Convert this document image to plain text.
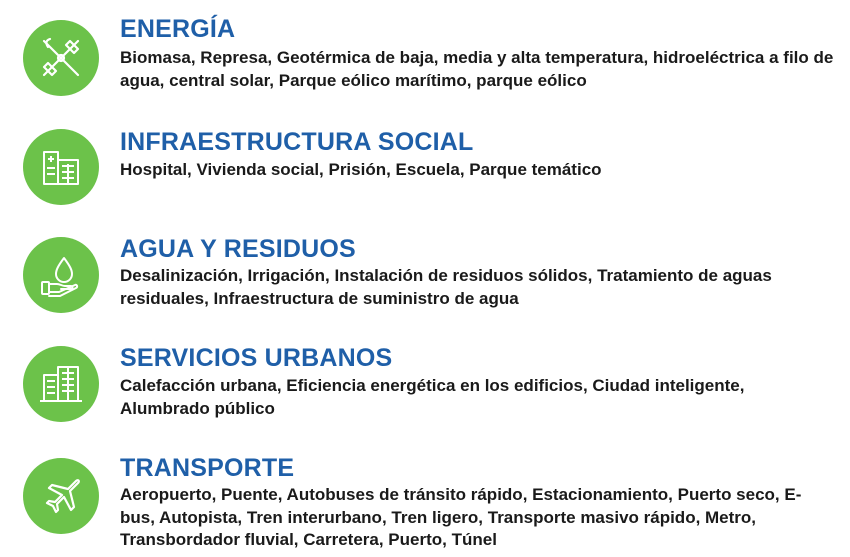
ENERGÍA
Biomasa, Represa, Geotérmica de baja, media y alta temperatura, hidroeléctrica a filo de agua, central solar, Parque eólico marítimo, parque eólico
INFRAESTRUCTURA SOCIAL
Hospital, Vivienda social, Prisión, Escuela, Parque temático
AGUA Y RESIDUOS
Desalinización, Irrigación, Instalación de residuos sólidos, Tratamiento de aguas residuales, Infraestructura de suministro de agua
SERVICIOS URBANOS
Calefacción urbana, Eficiencia energética en los edificios, Ciudad inteligente, Alumbrado público
TRANSPORTE
Aeropuerto, Puente, Autobuses de tránsito rápido, Estacionamiento, Puerto seco, E-bus, Autopista, Tren interurbano, Tren ligero, Transporte masivo rápido, Metro, Transbordador fluvial, Carretera, Puerto, Túnel
